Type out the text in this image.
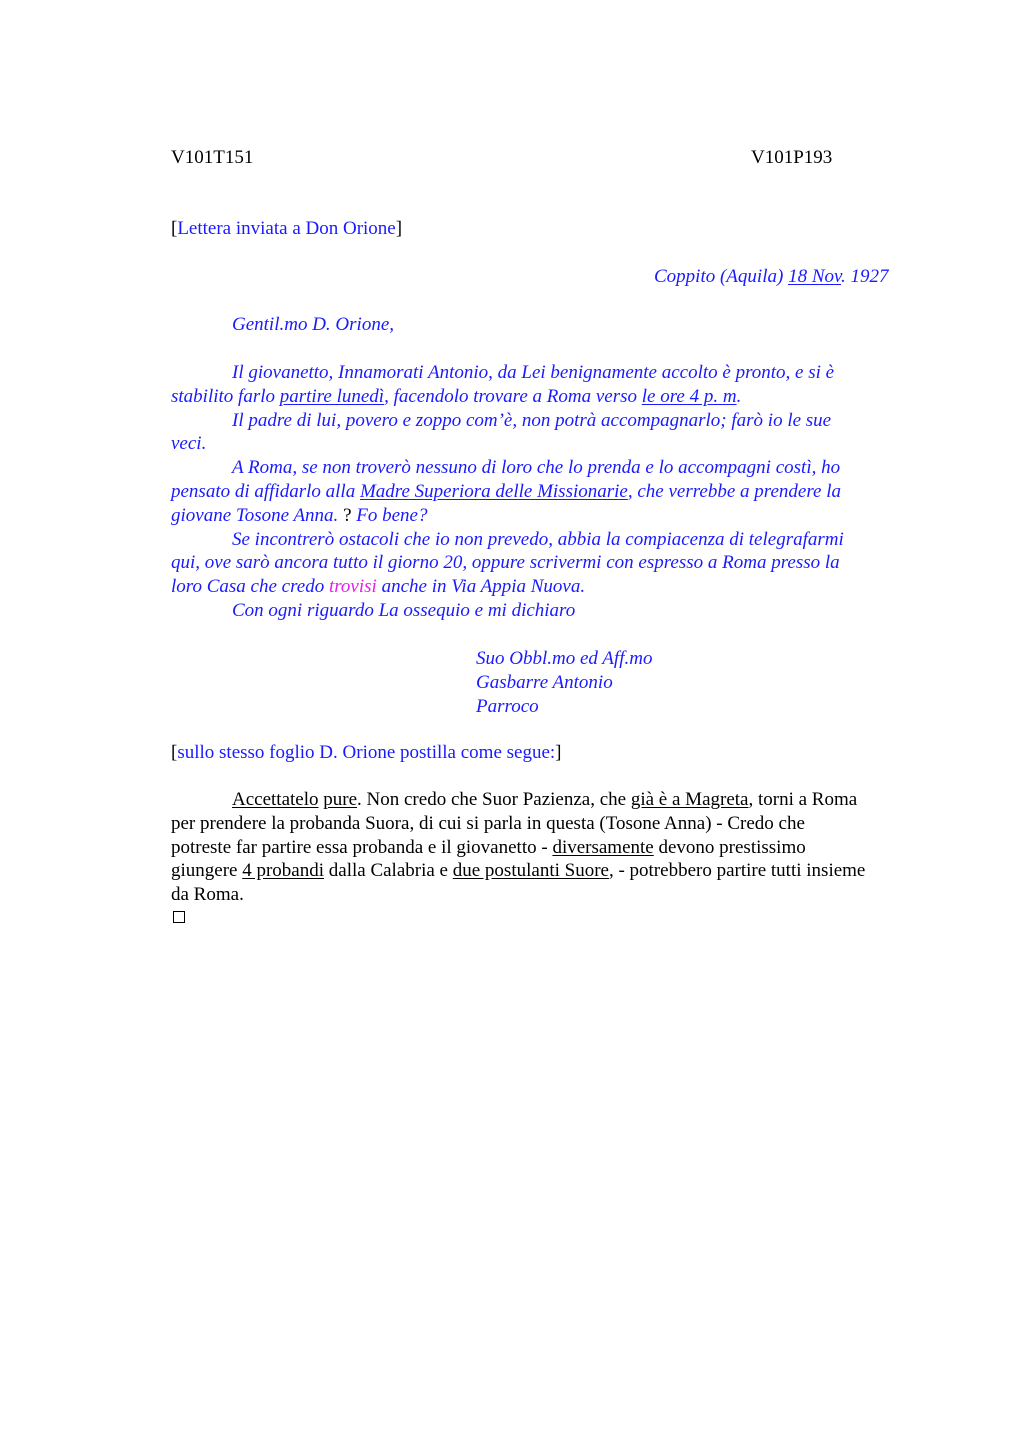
V101T151	V101P193
[Lettera inviata a Don Orione]
Coppito (Aquila) 18 Nov. 1927
Gentil.mo D. Orione,
Il giovanetto, Innamorati Antonio, da Lei benignamente accolto è pronto, e si è
stabilito farlo partire lunedì, facendolo trovare a Roma verso le ore 4 p. m.
Il padre di lui, povero e zoppo com’è, non potrà accompagnarlo; farò io le sue
veci.
A Roma, se non troverò nessuno di loro che lo prenda e lo accompagni costì, ho
pensato di affidarlo alla Madre Superiora delle Missionarie, che verrebbe a prendere la
giovane Tosone Anna. ? Fo bene?
Se incontrerò ostacoli che io non prevedo, abbia la compiacenza di telegrafarmi
qui, ove sarò ancora tutto il giorno 20, oppure scrivermi con espresso a Roma presso la
loro Casa che credo trovisi anche in Via Appia Nuova.
Con ogni riguardo La ossequio e mi dichiaro
Suo Obbl.mo ed Aff.mo
Gasbarre Antonio
Parroco
[sullo stesso foglio D. Orione postilla come segue:]
Accettatelo pure. Non credo che Suor Pazienza, che già è a Magreta, torni a Roma
per prendere la probanda Suora, di cui si parla in questa (Tosone Anna) - Credo che
potreste far partire essa probanda e il giovanetto - diversamente devono prestissimo
giungere 4 probandi dalla Calabria e due postulanti Suore, - potrebbero partire tutti insieme
da Roma.
